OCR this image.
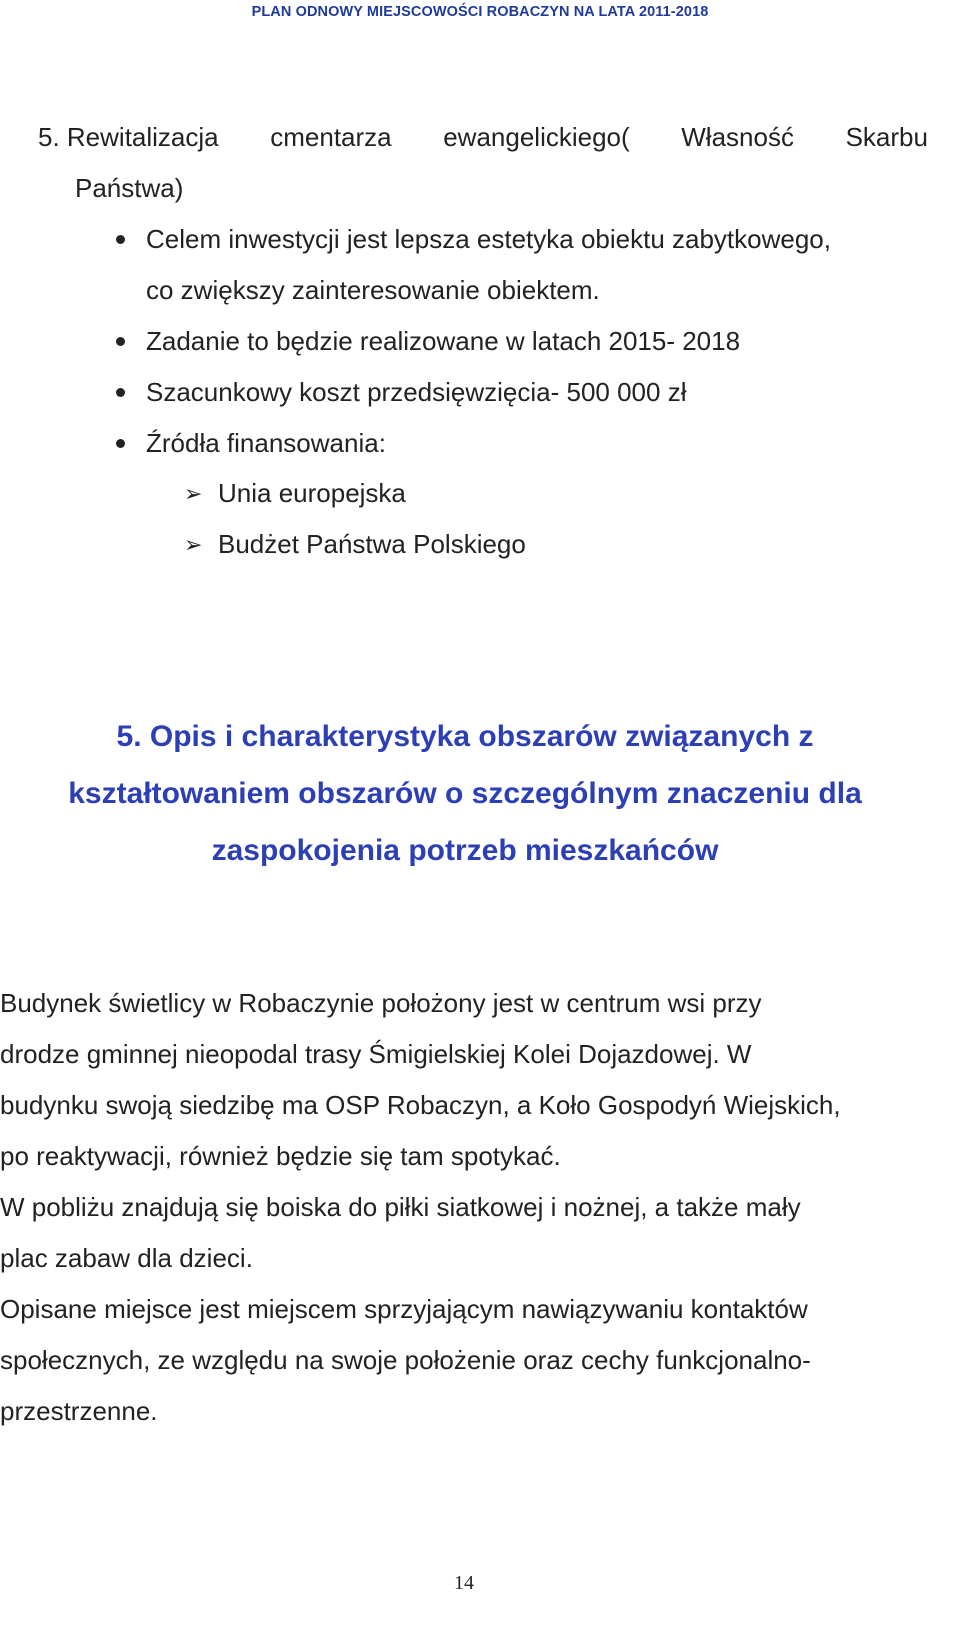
PLAN ODNOWY MIEJSCOWOŚCI ROBACZYN NA LATA 2011-2018
5. Rewitalizacja cmentarza ewangelickiego( Własność Skarbu
Państwa)
Celem inwestycji jest lepsza estetyka obiektu zabytkowego,
co zwiększy zainteresowanie obiektem.
Zadanie to będzie realizowane w latach 2015- 2018
Szacunkowy koszt przedsięwzięcia- 500 000 zł
Źródła finansowania:
➢ Unia europejska
➢ Budżet Państwa Polskiego
5. Opis i charakterystyka obszarów związanych z
kształtowaniem obszarów o szczególnym znaczeniu dla
zaspokojenia potrzeb mieszkańców

Budynek świetlicy w Robaczynie położony jest w centrum wsi przy
drodze gminnej nieopodal trasy Śmigielskiej Kolei Dojazdowej. W
budynku swoją siedzibę ma OSP Robaczyn, a Koło Gospodyń Wiejskich,
po reaktywacji, również będzie się tam spotykać.

W pobliżu znajdują się boiska do piłki siatkowej i nożnej, a także mały
plac zabaw dla dzieci.

Opisane miejsce jest miejscem sprzyjającym nawiązywaniu kontaktów
społecznych, ze względu na swoje położenie oraz cechy funkcjonalno-
przestrzenne.

14
